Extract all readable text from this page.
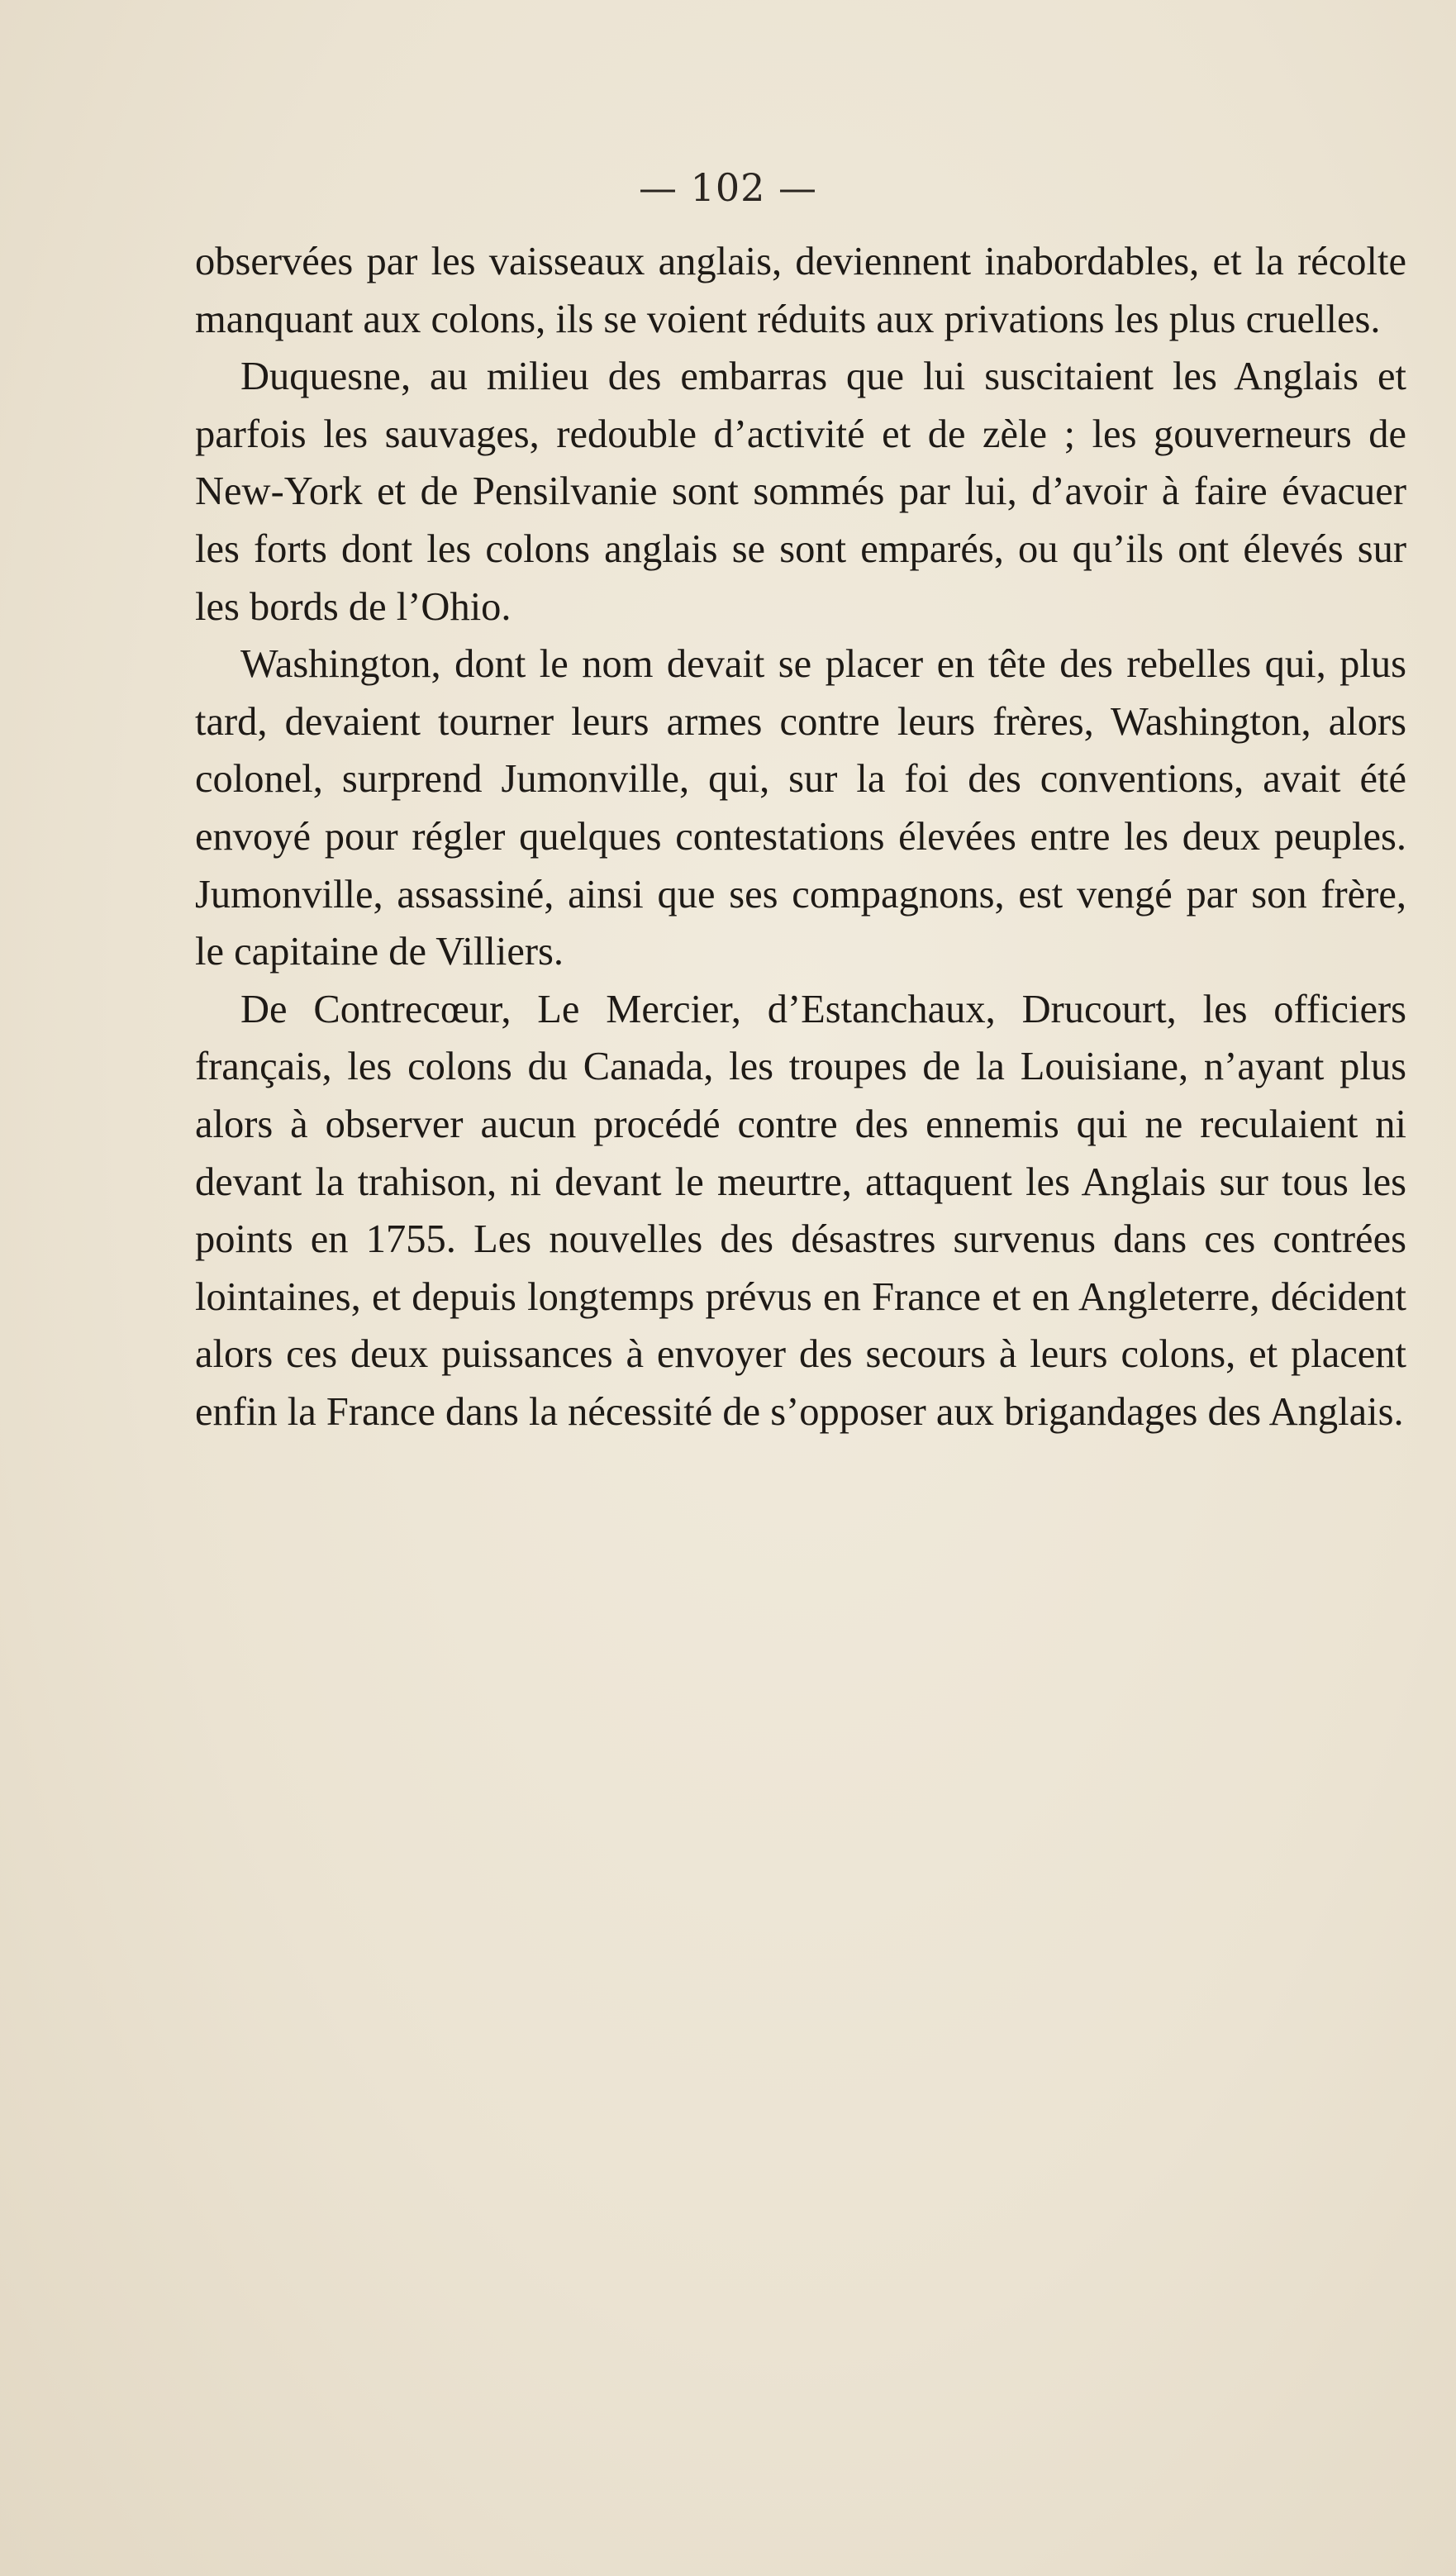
— 102 —

observées par les vaisseaux anglais, deviennent inabordables, et la récolte manquant aux colons, ils se voient réduits aux privations les plus cruelles.

Duquesne, au milieu des embarras que lui suscitaient les Anglais et parfois les sauvages, redouble d’activité et de zèle ; les gouverneurs de New-York et de Pensilvanie sont sommés par lui, d’avoir à faire évacuer les forts dont les colons anglais se sont emparés, ou qu’ils ont élevés sur les bords de l’Ohio.

Washington, dont le nom devait se placer en tête des rebelles qui, plus tard, devaient tourner leurs armes contre leurs frères, Washington, alors colonel, surprend Jumonville, qui, sur la foi des conventions, avait été envoyé pour régler quelques contestations élevées entre les deux peuples. Jumonville, assassiné, ainsi que ses compagnons, est vengé par son frère, le capitaine de Villiers.

De Contrecœur, Le Mercier, d’Estanchaux, Drucourt, les officiers français, les colons du Canada, les troupes de la Louisiane, n’ayant plus alors à observer aucun procédé contre des ennemis qui ne reculaient ni devant la trahison, ni devant le meurtre, attaquent les Anglais sur tous les points en 1755. Les nouvelles des désastres survenus dans ces contrées lointaines, et depuis longtemps prévus en France et en Angleterre, décident alors ces deux puissances à envoyer des secours à leurs colons, et placent enfin la France dans la nécessité de s’opposer aux brigandages des Anglais.
